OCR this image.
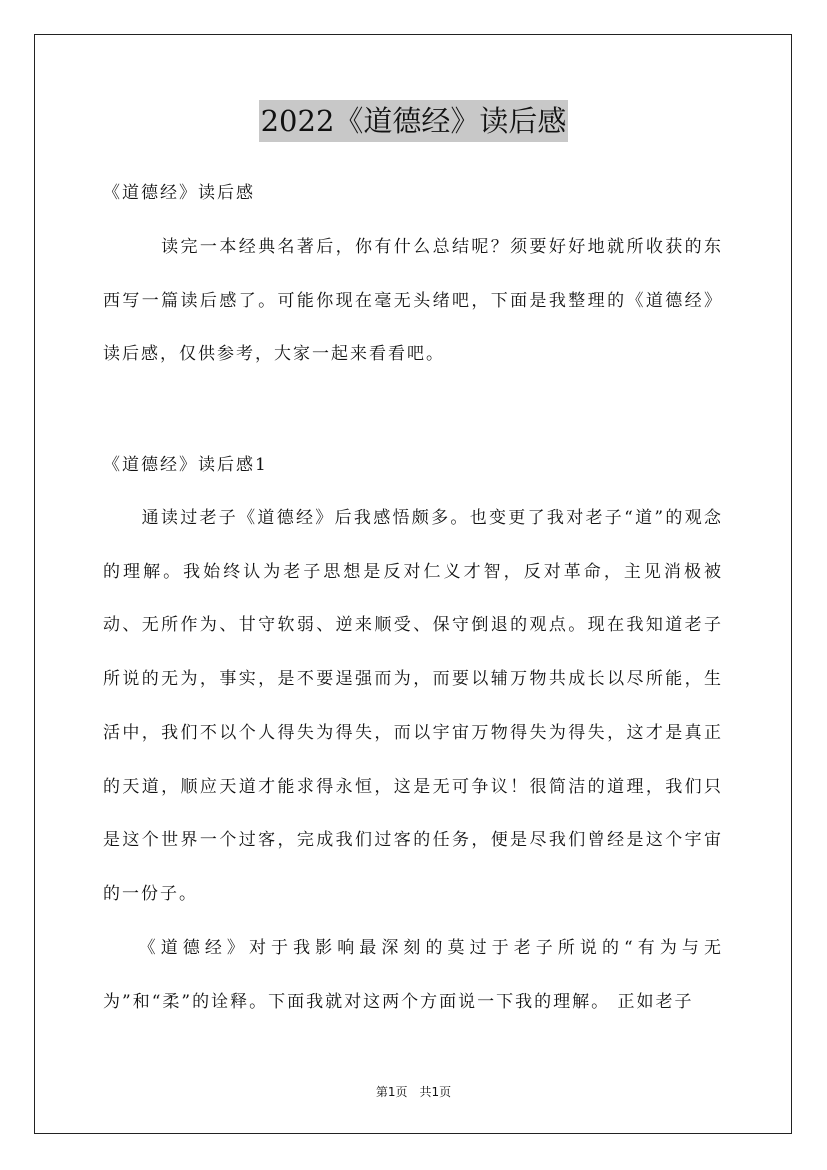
2022《道德经》读后感
《道德经》读后感
　　　读完一本经典名著后，你有什么总结呢？须要好好地就所收获的东西写一篇读后感了。可能你现在毫无头绪吧，下面是我整理的《道德经》读后感，仅供参考，大家一起来看看吧。
《道德经》读后感1
　　通读过老子《道德经》后我感悟颇多。也变更了我对老子“道”的观念的理解。我始终认为老子思想是反对仁义才智，反对革命，主见消极被动、无所作为、甘守软弱、逆来顺受、保守倒退的观点。现在我知道老子所说的无为，事实，是不要逞强而为，而要以辅万物共成长以尽所能，生活中，我们不以个人得失为得失，而以宇宙万物得失为得失，这才是真正的天道，顺应天道才能求得永恒，这是无可争议！很简洁的道理，我们只是这个世界一个过客，完成我们过客的任务，便是尽我们曾经是这个宇宙的一份子。
　　《道德经》对于我影响最深刻的莫过于老子所说的“有为与无为”和“柔”的诠释。下面我就对这两个方面说一下我的理解。 正如老子
第1页　共1页
